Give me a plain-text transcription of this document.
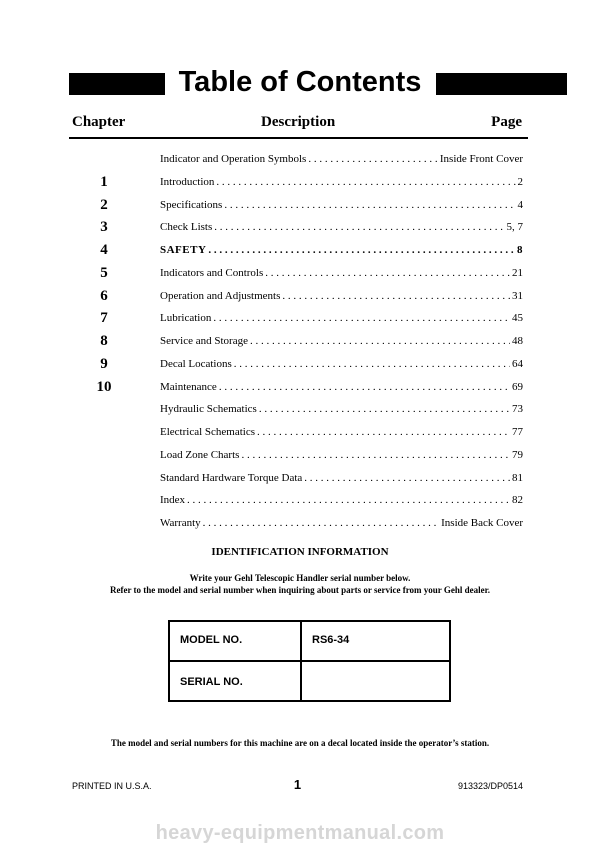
Table of Contents
Chapter	Description	Page
Indicator and Operation Symbols . . .	Inside Front Cover
1	Introduction . . .	2
2	Specifications . . .	4
3	Check Lists . . .	5, 7
4	SAFETY . . .	8
5	Indicators and Controls . . .	21
6	Operation and Adjustments . . .	31
7	Lubrication . . .	45
8	Service and Storage . . .	48
9	Decal Locations . . .	64
10	Maintenance . . .	69
Hydraulic Schematics . . .	73
Electrical Schematics . . .	77
Load Zone Charts . . .	79
Standard Hardware Torque Data . . .	81
Index . . .	82
Warranty . . .	Inside Back Cover
IDENTIFICATION INFORMATION
Write your Gehl Telescopic Handler serial number below.
Refer to the model and serial number when inquiring about parts or service from your Gehl dealer.
MODEL NO.	RS6-34
SERIAL NO.
The model and serial numbers for this machine are on a decal located inside the operator’s station.
PRINTED IN U.S.A.	1	913323/DP0514
heavy-equipmentmanual.com
